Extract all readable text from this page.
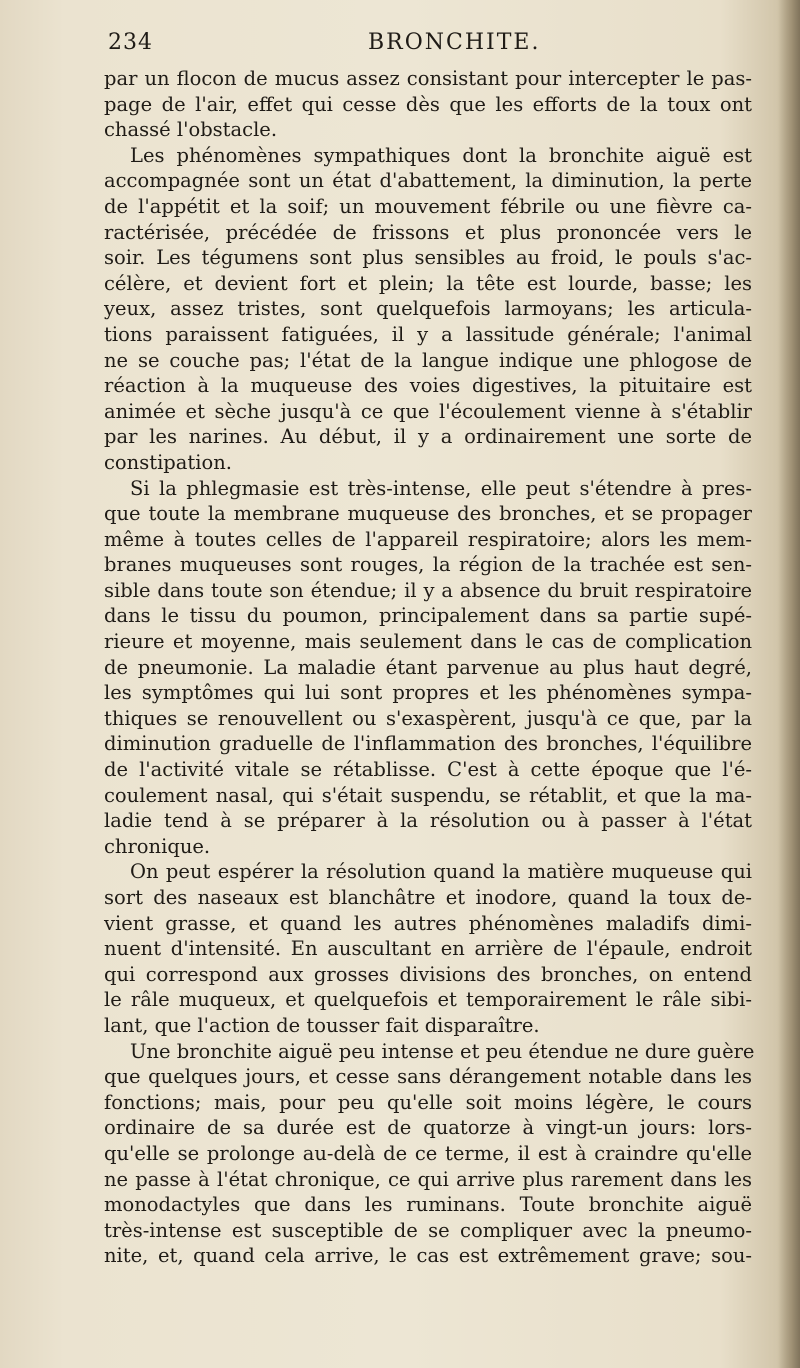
234	BRONCHITE.
par un flocon de mucus assez consistant pour intercepter le pas-
page de l'air, effet qui cesse dès que les efforts de la toux ont
chassé l'obstacle.
Les phénomènes sympathiques dont la bronchite aiguë est
accompagnée sont un état d'abattement, la diminution, la perte
de l'appétit et la soif; un mouvement fébrile ou une fièvre ca-
ractérisée, précédée de frissons et plus prononcée vers le
soir. Les tégumens sont plus sensibles au froid, le pouls s'ac-
célère, et devient fort et plein; la tête est lourde, basse; les
yeux, assez tristes, sont quelquefois larmoyans; les articula-
tions paraissent fatiguées, il y a lassitude générale; l'animal
ne se couche pas; l'état de la langue indique une phlogose de
réaction à la muqueuse des voies digestives, la pituitaire est
animée et sèche jusqu'à ce que l'écoulement vienne à s'établir
par les narines. Au début, il y a ordinairement une sorte de
constipation.
Si la phlegmasie est très-intense, elle peut s'étendre à pres-
que toute la membrane muqueuse des bronches, et se propager
même à toutes celles de l'appareil respiratoire; alors les mem-
branes muqueuses sont rouges, la région de la trachée est sen-
sible dans toute son étendue; il y a absence du bruit respiratoire
dans le tissu du poumon, principalement dans sa partie supé-
rieure et moyenne, mais seulement dans le cas de complication
de pneumonie. La maladie étant parvenue au plus haut degré,
les symptômes qui lui sont propres et les phénomènes sympa-
thiques se renouvellent ou s'exaspèrent, jusqu'à ce que, par la
diminution graduelle de l'inflammation des bronches, l'équilibre
de l'activité vitale se rétablisse. C'est à cette époque que l'é-
coulement nasal, qui s'était suspendu, se rétablit, et que la ma-
ladie tend à se préparer à la résolution ou à passer à l'état
chronique.
On peut espérer la résolution quand la matière muqueuse qui
sort des naseaux est blanchâtre et inodore, quand la toux de-
vient grasse, et quand les autres phénomènes maladifs dimi-
nuent d'intensité. En auscultant en arrière de l'épaule, endroit
qui correspond aux grosses divisions des bronches, on entend
le râle muqueux, et quelquefois et temporairement le râle sibi-
lant, que l'action de tousser fait disparaître.
Une bronchite aiguë peu intense et peu étendue ne dure guère
que quelques jours, et cesse sans dérangement notable dans les
fonctions; mais, pour peu qu'elle soit moins légère, le cours
ordinaire de sa durée est de quatorze à vingt-un jours: lors-
qu'elle se prolonge au-delà de ce terme, il est à craindre qu'elle
ne passe à l'état chronique, ce qui arrive plus rarement dans les
monodactyles que dans les ruminans. Toute bronchite aiguë
très-intense est susceptible de se compliquer avec la pneumo-
nite, et, quand cela arrive, le cas est extrêmement grave; sou-
